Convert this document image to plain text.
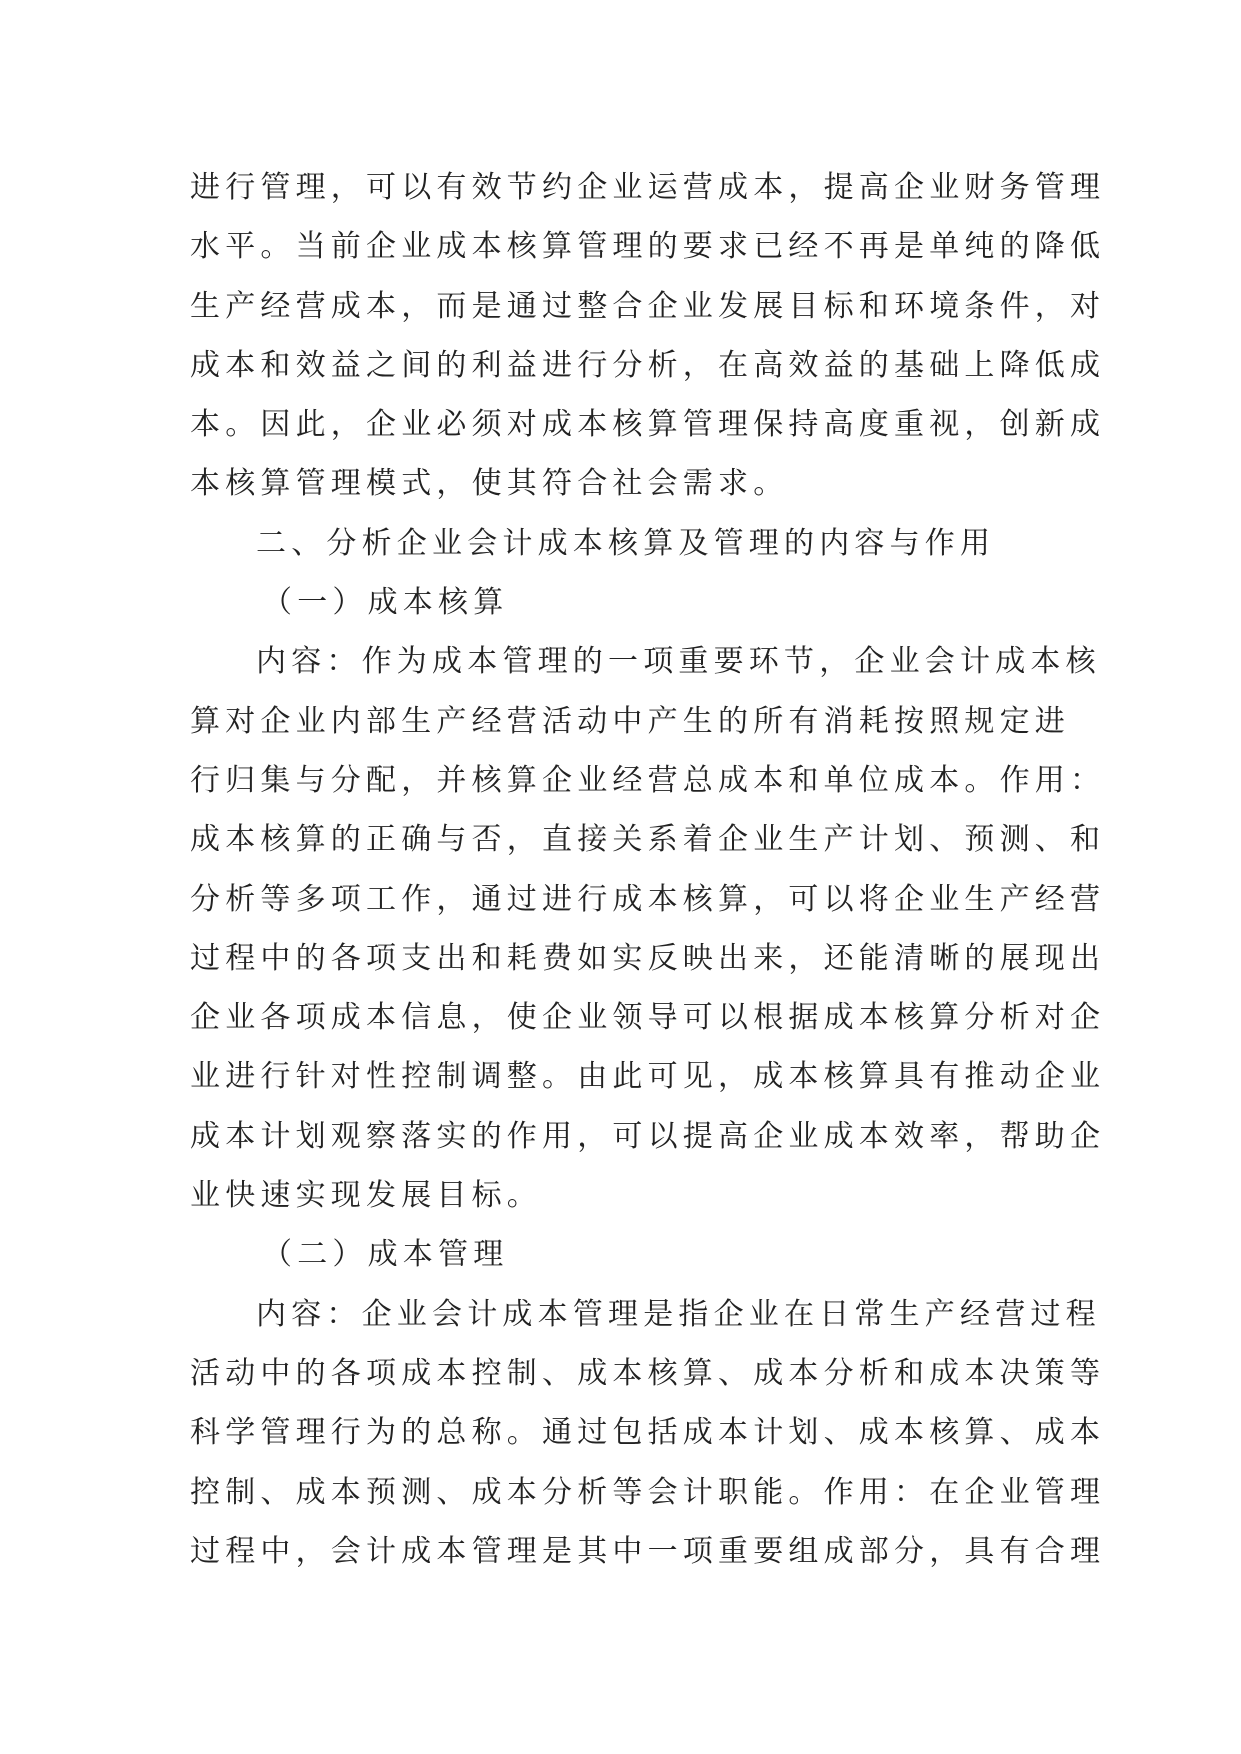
进行管理，可以有效节约企业运营成本，提高企业财务管理
水平。当前企业成本核算管理的要求已经不再是单纯的降低
生产经营成本，而是通过整合企业发展目标和环境条件，对
成本和效益之间的利益进行分析，在高效益的基础上降低成
本。因此，企业必须对成本核算管理保持高度重视，创新成
本核算管理模式，使其符合社会需求。
二、分析企业会计成本核算及管理的内容与作用
（一）成本核算
内容：作为成本管理的一项重要环节，企业会计成本核
算对企业内部生产经营活动中产生的所有消耗按照规定进
行归集与分配，并核算企业经营总成本和单位成本。作用：
成本核算的正确与否，直接关系着企业生产计划、预测、和
分析等多项工作，通过进行成本核算，可以将企业生产经营
过程中的各项支出和耗费如实反映出来，还能清晰的展现出
企业各项成本信息，使企业领导可以根据成本核算分析对企
业进行针对性控制调整。由此可见，成本核算具有推动企业
成本计划观察落实的作用，可以提高企业成本效率，帮助企
业快速实现发展目标。
（二）成本管理
内容：企业会计成本管理是指企业在日常生产经营过程
活动中的各项成本控制、成本核算、成本分析和成本决策等
科学管理行为的总称。通过包括成本计划、成本核算、成本
控制、成本预测、成本分析等会计职能。作用：在企业管理
过程中，会计成本管理是其中一项重要组成部分，具有合理
